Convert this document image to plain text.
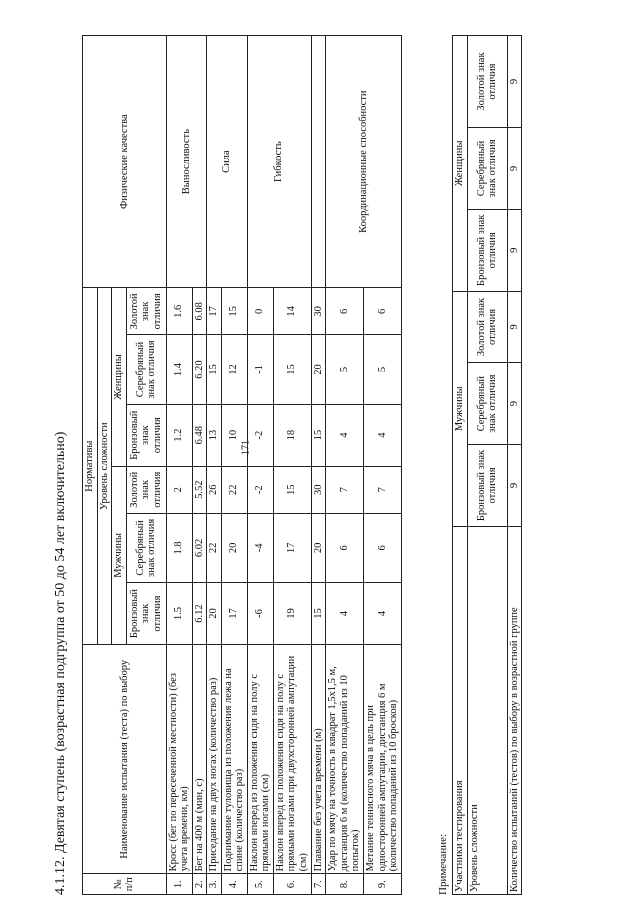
171
4.1.12. Девятая ступень (возрастная подгруппа от 50 до 54 лет включительно)	№ п/п	Наименование испытания (теста) по выбору	Нормативы						Физические качества
		Уровень сложности						
		Мужчины			Женщины			
		Бронзовый знак отличия	Серебряный знак отличия	Золотой знак отличия	Бронзовый знак отличия	Серебряный знак отличия	Золотой знак отличия	
1.	Кросс (бег по пересеченной местности) (без учета времени, км)	1.5	1.8	2	1.2	1.4	1.6	Выносливость
2.	Бег на 400 м (мин, с)	6.12	6.02	5.52	6.48	6.20	6.08	
3.	Приседание на двух ногах (количество раз)	20	22	26	13	15	17	Сила
4.	Поднимание туловища из положения лежа на спине (количество раз)	17	20	22	10	12	15	
5.	Наклон вперед из положения сидя на полу с прямыми ногами (см)	-6	-4	-2	-2	-1	0	Гибкость
6.	Наклон вперед из положения сидя на полу с прямыми ногами при двухсторонней ампутации (см)	19	17	15	18	15	14	
7.	Плавание без учета времени (м)	15	20	30	15	20	30	
8.	Удар по мячу на точность в квадрат 1,5х1,5 м, дистанция 6 м (количество попаданий из 10 попыток)	4	6	7	4	5	6	Координационные способности
9.	Метание теннисного мяча в цель при односторонней ампутации, дистанция 6 м (количество попаданий из 10 бросков)	4	6	7	4	5	6	
Примечание: Участники тестирования	Мужчины			Женщины		
Уровень сложности	Бронзовый знак отличия	Серебряный знак отличия	Золотой знак отличия	Бронзовый знак отличия	Серебряный знак отличия	Золотой знак отличия
Количество испытаний (тестов) по выбору в возрастной группе	9	9	9	9	9	9
